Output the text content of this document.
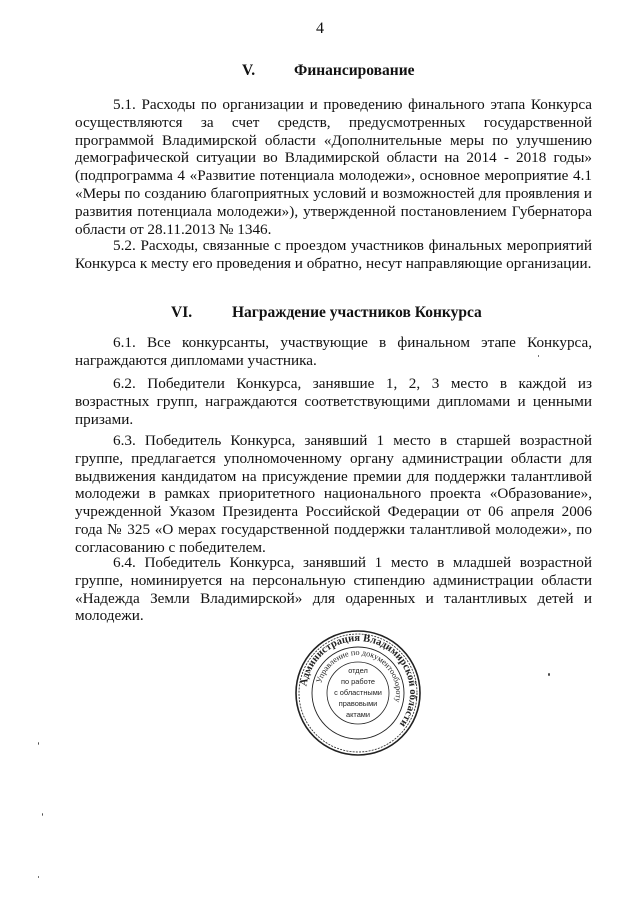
4
V.	Финансирование

5.1. Расходы по организации и проведению финального этапа Конкурса осуществляются за счет средств, предусмотренных государственной программой Владимирской области «Дополнительные меры по улучшению демографической ситуации во Владимирской области на 2014 - 2018 годы» (подпрограмма 4 «Развитие потенциала молодежи», основное мероприятие 4.1 «Меры по созданию благоприятных условий и возможностей для проявления и развития потенциала молодежи»), утвержденной постановлением Губернатора области от 28.11.2013 № 1346.

5.2. Расходы, связанные с проездом участников финальных мероприятий Конкурса к месту его проведения и обратно, несут направляющие организации.

VI.	Награждение участников Конкурса

6.1. Все конкурсанты, участвующие в финальном этапе Конкурса, награждаются дипломами участника.

6.2. Победители Конкурса, занявшие 1, 2, 3 место в каждой из возрастных групп, награждаются соответствующими дипломами и ценными призами.

6.3. Победитель Конкурса, занявший 1 место в старшей возрастной группе, предлагается уполномоченному органу администрации области для выдвижения кандидатом на присуждение премии для поддержки талантливой молодежи в рамках приоритетного национального проекта «Образование», учрежденной Указом Президента Российской Федерации от 06 апреля 2006 года № 325 «О мерах государственной поддержки талантливой молодежи», по согласованию с победителем.

6.4. Победитель Конкурса, занявший 1 место в младшей возрастной группе, номинируется на персональную стипендию администрации области «Надежда Земли Владимирской» для одаренных и талантливых детей и молодежи.

Администрация Владимирской области
Управление по документообороту
отдел
по работе
с областными
правовыми
актами
